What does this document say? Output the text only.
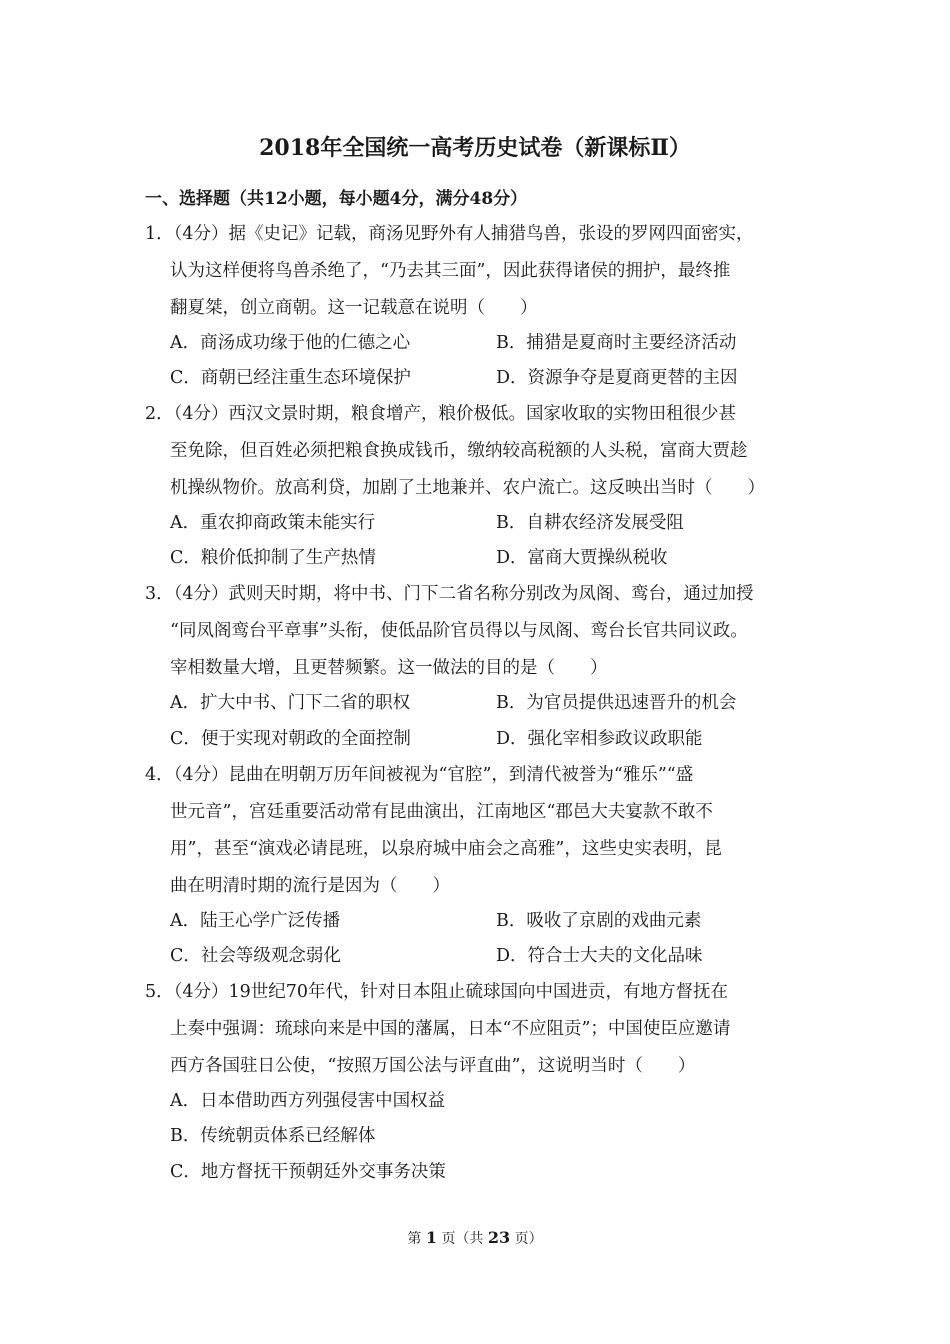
2018年全国统一高考历史试卷（新课标Ⅱ）
一、选择题（共12小题，每小题4分，满分48分）
1．（4分）据《史记》记载，商汤见野外有人捕猎鸟兽，张设的罗网四面密实，
认为这样便将鸟兽杀绝了，“乃去其三面”，因此获得诸侯的拥护，最终推
翻夏桀，创立商朝。这一记载意在说明（　　）
A．商汤成功缘于他的仁德之心	B．捕猎是夏商时主要经济活动
C．商朝已经注重生态环境保护	D．资源争夺是夏商更替的主因
2．（4分）西汉文景时期，粮食增产，粮价极低。国家收取的实物田租很少甚
至免除，但百姓必须把粮食换成钱币，缴纳较高税额的人头税，富商大贾趁
机操纵物价。放高利贷，加剧了土地兼并、农户流亡。这反映出当时（　　）
A．重农抑商政策未能实行	B．自耕农经济发展受阻
C．粮价低抑制了生产热情	D．富商大贾操纵税收
3．（4分）武则天时期，将中书、门下二省名称分别改为凤阁、鸾台，通过加授
“同凤阁鸾台平章事”头衔，使低品阶官员得以与凤阁、鸾台长官共同议政。
宰相数量大增，且更替频繁。这一做法的目的是（　　）
A．扩大中书、门下二省的职权	B．为官员提供迅速晋升的机会
C．便于实现对朝政的全面控制	D．强化宰相参政议政职能
4．（4分）昆曲在明朝万历年间被视为“官腔”，到清代被誉为“雅乐”“盛
世元音”，宫廷重要活动常有昆曲演出，江南地区“郡邑大夫宴款不敢不
用”，甚至“演戏必请昆班，以泉府城中庙会之高雅”，这些史实表明，昆
曲在明清时期的流行是因为（　　）
A．陆王心学广泛传播	B．吸收了京剧的戏曲元素
C．社会等级观念弱化	D．符合士大夫的文化品味
5．（4分）19世纪70年代，针对日本阻止硫球国向中国进贡，有地方督抚在
上奏中强调：琉球向来是中国的藩属，日本“不应阻贡”；中国使臣应邀请
西方各国驻日公使，“按照万国公法与评直曲”，这说明当时（　　）
A．日本借助西方列强侵害中国权益
B．传统朝贡体系已经解体
C．地方督抚干预朝廷外交事务决策
第 1 页（共 23 页）
